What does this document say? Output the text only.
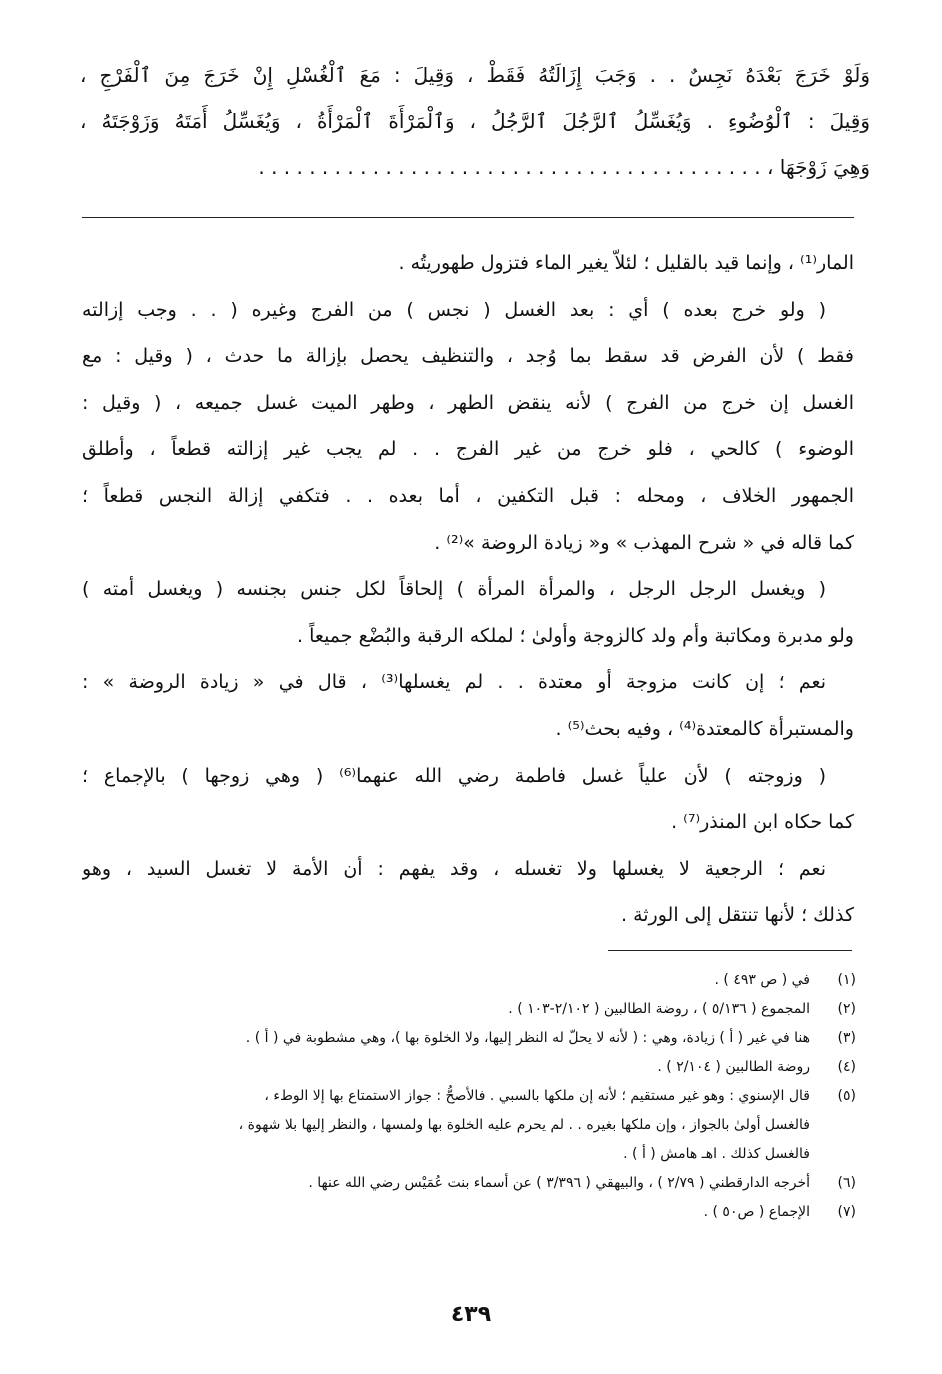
وَلَوْ خَرَجَ بَعْدَهُ نَجِسٌ . . وَجَبَ إِزَالَتُهُ فَقَطْ ، وَقِيلَ : مَعَ ٱلْغُسْلِ إِنْ خَرَجَ مِنَ ٱلْفَرْجِ ،
وَقِيلَ : ٱلْوُضُوءِ . وَيُغَسِّلُ ٱلرَّجُلَ ٱلرَّجُلُ ، وَٱلْمَرْأَةَ ٱلْمَرْأَةُ ، وَيُغَسِّلُ أَمَتَهُ وَزَوْجَتَهُ ،
وَهِيَ زَوْجَهَا ، . . . . . . . . . . . . . . . . . . . . . . . . . . . . . . . . . . . . . . . .
المار⁽¹⁾ ، وإنما قيد بالقليل ؛ لئلاّ يغير الماء فتزول طهوريتُه .
( ولو خرج بعده ) أي : بعد الغسل ( نجس ) من الفرج وغيره ( . . وجب إزالته
فقط ) لأن الفرض قد سقط بما وُجد ، والتنظيف يحصل بإزالة ما حدث ، ( وقيل : مع
الغسل إن خرج من الفرج ) لأنه ينقض الطهر ، وطهر الميت غسل جميعه ، ( وقيل :
الوضوء ) كالحي ، فلو خرج من غير الفرج . . لم يجب غير إزالته قطعاً ، وأطلق
الجمهور الخلاف ، ومحله : قبل التكفين ، أما بعده . . فتكفي إزالة النجس قطعاً ؛
كما قاله في « شرح المهذب » و« زيادة الروضة »⁽²⁾ .
( ويغسل الرجل الرجل ، والمرأة المرأة ) إلحاقاً لكل جنس بجنسه ( ويغسل أمته )
ولو مدبرة ومكاتبة وأم ولد كالزوجة وأولىٰ ؛ لملكه الرقبة والبُضْع جميعاً .
نعم ؛ إن كانت مزوجة أو معتدة . . لم يغسلها⁽³⁾ ، قال في « زيادة الروضة » :
والمستبرأة كالمعتدة⁽⁴⁾ ، وفيه بحث⁽⁵⁾ .
( وزوجته ) لأن علياً غسل فاطمة رضي الله عنهما⁽⁶⁾ ( وهي زوجها ) بالإجماع ؛
كما حكاه ابن المنذر⁽⁷⁾ .
نعم ؛ الرجعية لا يغسلها ولا تغسله ، وقد يفهم : أن الأمة لا تغسل السيد ، وهو
كذلك ؛ لأنها تنتقل إلى الورثة .
(١)
في ( ص ٤٩٣ ) .
(٢)
المجموع ( ٥/١٣٦ ) ، روضة الطالبين ( ٢/١٠٢-١٠٣ ) .
(٣)
هنا في غير ( أ ) زيادة، وهي : ( لأنه لا يحلّ له النظر إليها، ولا الخلوة بها )، وهي مشطوبة في ( أ ) .
(٤)
روضة الطالبين ( ٢/١٠٤ ) .
(٥)
قال الإسنوي : وهو غير مستقيم ؛ لأنه إن ملكها بالسبي . فالأصحُّ : جواز الاستمتاع بها إلا الوطء ،
فالغسل أولىٰ بالجواز ، وإن ملكها بغيره . . لم يحرم عليه الخلوة بها ولمسها ، والنظر إليها بلا شهوة ،
فالغسل كذلك . اهـ هامش ( أ ) .
(٦)
أخرجه الدارقطني ( ٢/٧٩ ) ، والبيهقي ( ٣/٣٩٦ ) عن أسماء بنت عُمَيْس رضي الله عنها .
(٧)
الإجماع ( ص٥٠ ) .
٤٣٩
